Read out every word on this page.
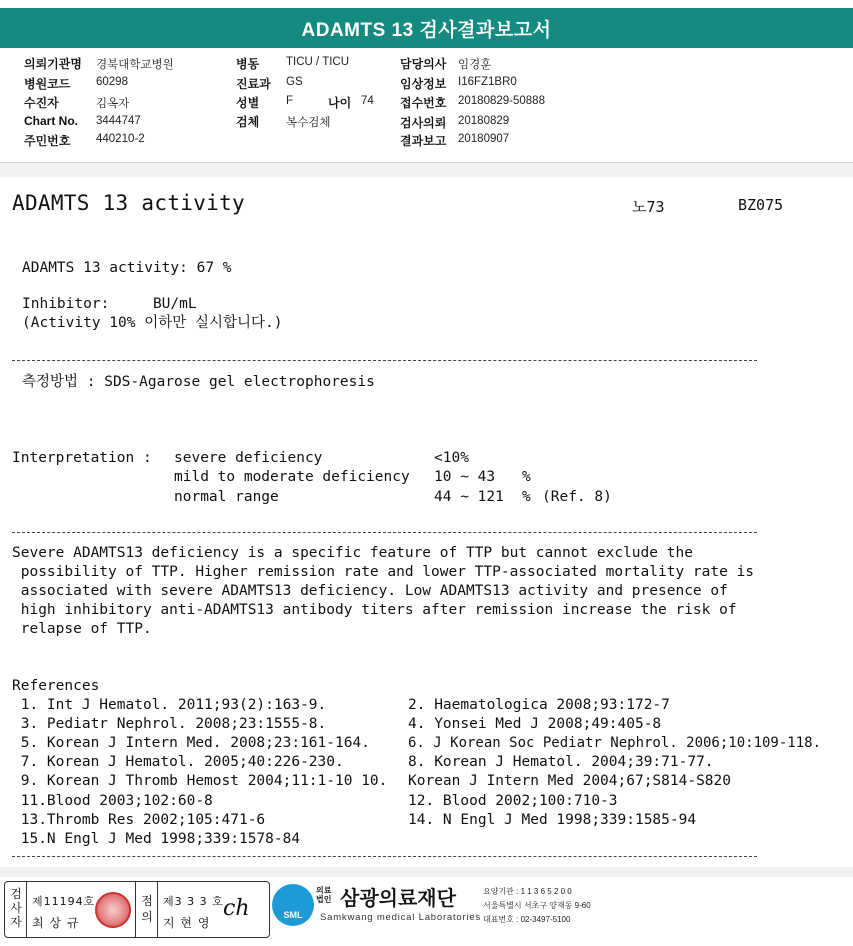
ADAMTS 13 검사결과보고서
의뢰기관명 경북대학교병원
병원코드 60298
수진자	김옥자
Chart No. 3444747
주민번호 440210-2
병동 TICU / TICU
진료과 GS
성별 F	나이 74
검체 복수검체
담당의사 임경훈
임상정보 I16FZ1BR0
접수번호 20180829-50888
검사의뢰 20180829
결과보고 20180907
ADAMTS 13 activity	노73	BZ075
ADAMTS 13 activity: 67 %
Inhibitor:     BU/mL
(Activity 10% 이하만 실시합니다.)
측정방법 : SDS-Agarose gel electrophoresis
Interpretation : severe deficiency	<10%
mild to moderate deficiency 10 ~ 43 %
normal range	44 ~ 121 % (Ref. 8)
Severe ADAMTS13 deficiency is a specific feature of TTP but cannot exclude the
possibility of TTP. Higher remission rate and lower TTP-associated mortality rate is
associated with severe ADAMTS13 deficiency. Low ADAMTS13 activity and presence of
high inhibitory anti-ADAMTS13 antibody titers after remission increase the risk of
relapse of TTP.
References
1. Int J Hematol. 2011;93(2):163-9.
3. Pediatr Nephrol. 2008;23:1555-8.
5. Korean J Intern Med. 2008;23:161-164.
7. Korean J Hematol. 2005;40:226-230.
9. Korean J Thromb Hemost 2004;11:1-10 10.
11.Blood 2003;102:60-8
13.Thromb Res 2002;105:471-6
15.N Engl J Med 1998;339:1578-84
2. Haematologica 2008;93:172-7
4. Yonsei Med J 2008;49:405-8
6. J Korean Soc Pediatr Nephrol. 2006;10:109-118.
8. Korean J Hematol. 2004;39:71-77.
Korean J Intern Med 2004;67;S814-S820
12. Blood 2002;100:710-3
14. N Engl J Med 1998;339:1585-94
검
사
자
제11194호
최 상 규
점
의
제3 3 3 호
지 현 영
ch	SML
의료
법인 삼광의료재단
Samkwang medical Laboratories
요양기관 : 1 1 3 6 5 2 0 0
서울특별시 서초구 양재동 9-60
대표번호 : 02-3497-5100
